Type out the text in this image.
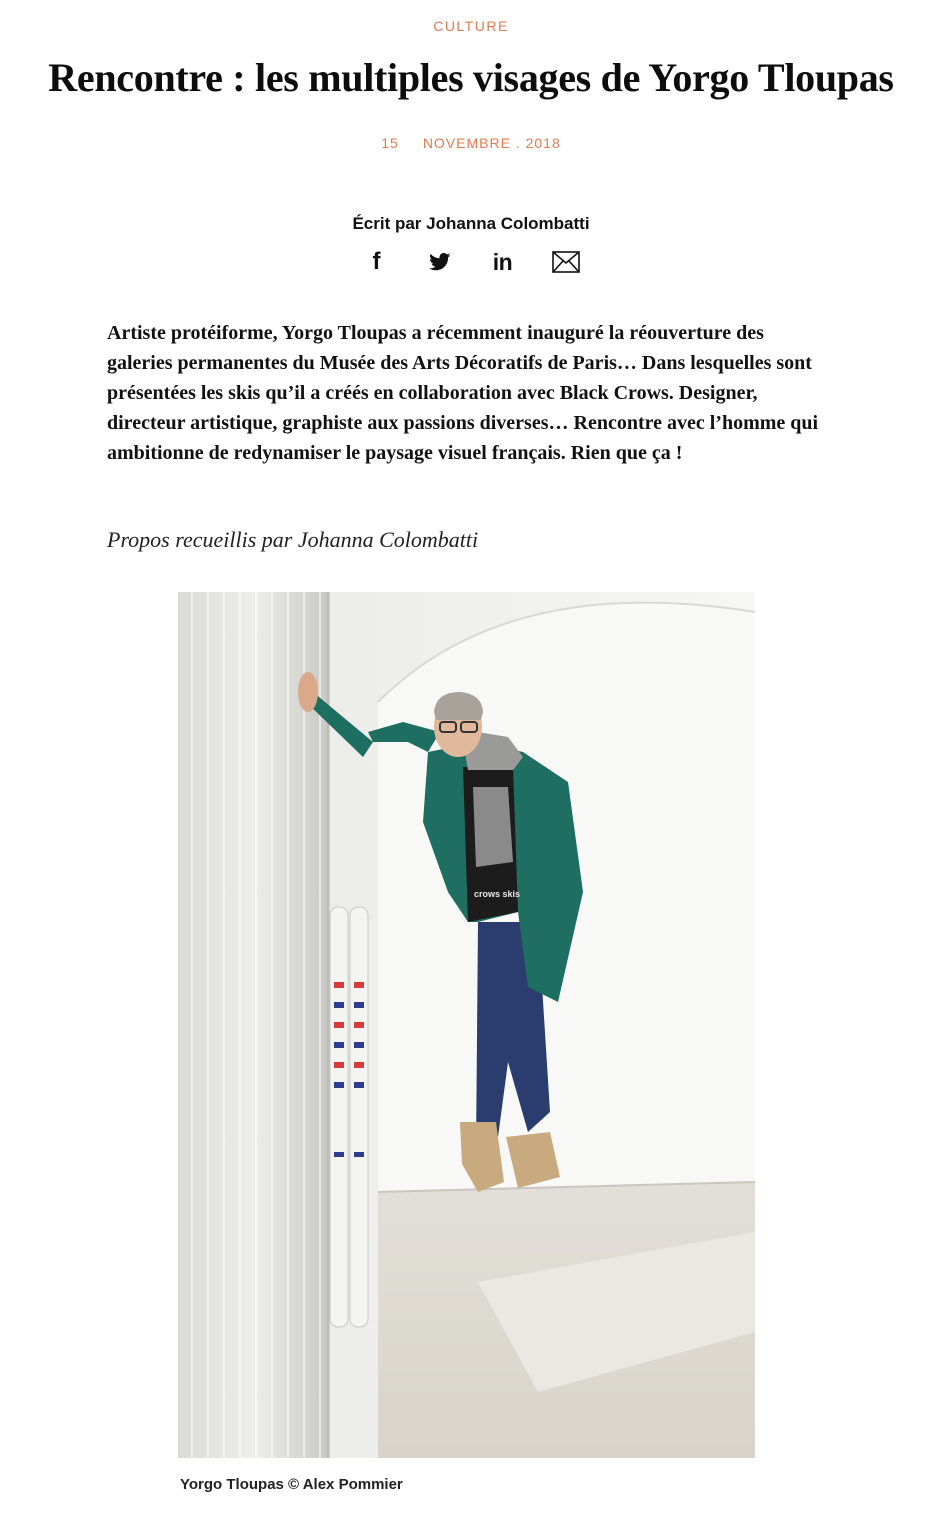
CULTURE
Rencontre : les multiples visages de Yorgo Tloupas
15 NOVEMBRE . 2018
Écrit par Johanna Colombatti
f	in

Artiste protéiforme, Yorgo Tloupas a récemment inauguré la réouverture des galeries permanentes du Musée des Arts Décoratifs de Paris… Dans lesquelles sont présentées les skis qu’il a créés en collaboration avec Black Crows. Designer, directeur artistique, graphiste aux passions diverses… Rencontre avec l’homme qui ambitionne de redynamiser le paysage visuel français. Rien que ça !

Propos recueillis par Johanna Colombatti

crows skis
Yorgo Tloupas © Alex Pommier
